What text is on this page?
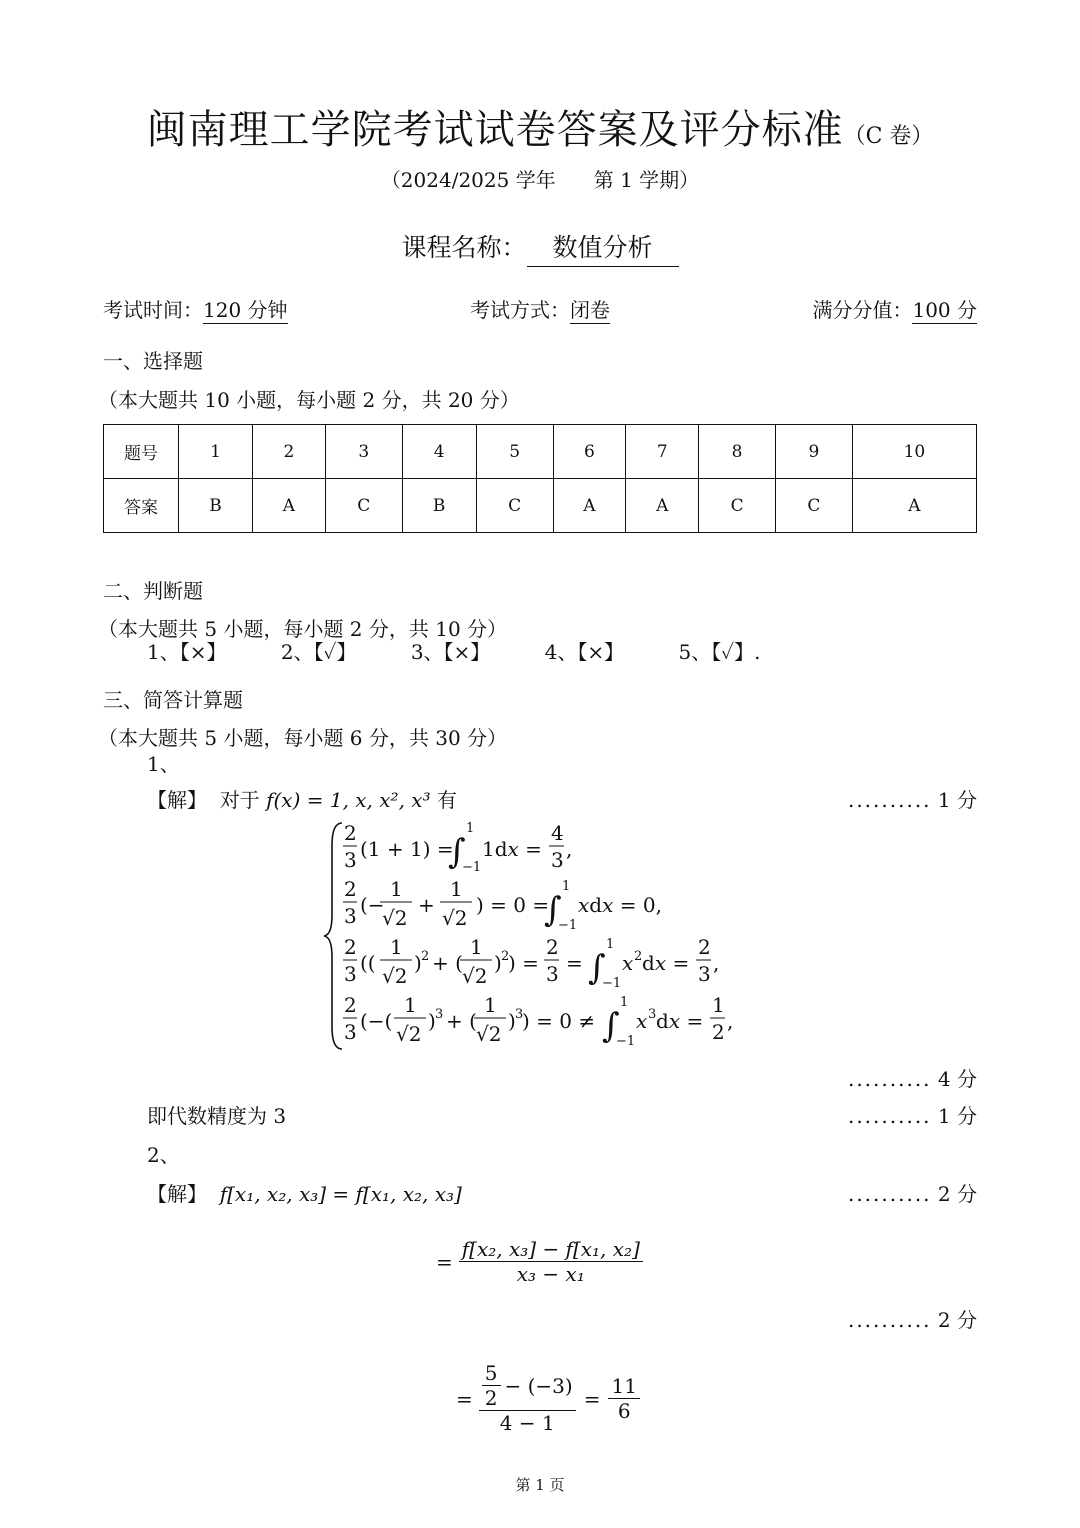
闽南理工学院考试试卷答案及评分标准（C 卷）
（2024/2025 学年 第 1 学期）
课程名称： 数值分析
考试时间：120 分钟	考试方式：闭卷	满分分值：100 分
一、选择题
（本大题共 10 小题，每小题 2 分，共 20 分）
题号	1	2	3	4	5	6	7	8	9	10
答案	B	A	C	B	C	A	A	C	C	A
二、判断题
（本大题共 5 小题，每小题 2 分，共 10 分）
1、【×】	2、【✓】	3、【×】	4、【×】	5、【✓】.
三、简答计算题
（本大题共 5 小题，每小题 6 分，共 30 分）
1、
【解】 对于 f(x) = 1, x, x², x³ 有	.......... 1 分
2
3 (1 + 1) =
∫
1
−1
1dx =
4
3 ,
2
3 (−
1
√2
+
1
√2
) = 0 =
∫
1
−1
xdx = 0,
2
3 ((
1
√2
) 2 + (
1
√2
) 2
) =
2
3 = ∫
1
−1
x 2 dx =
2
3 ,
2
3 (−(
1
√2
) 3 + (
1
√2
) 3
) = 0 ≠ ∫
1
−1
x 3 dx =
1
2 ,
.......... 4 分
即代数精度为 3	.......... 1 分
2、
【解】 f[x₁, x₂, x₃] = f[x₁, x₂, x₃]	.......... 2 分
= $\frac{\text{f[x₂, x₃] − f[x₁, x₂]}}{\text{x₃ − x₁}}$
.......... 2 分
= $\frac{\frac{5}{2} - (-3)}{4 - 1} = \frac{11}{6}$
第 1 页
